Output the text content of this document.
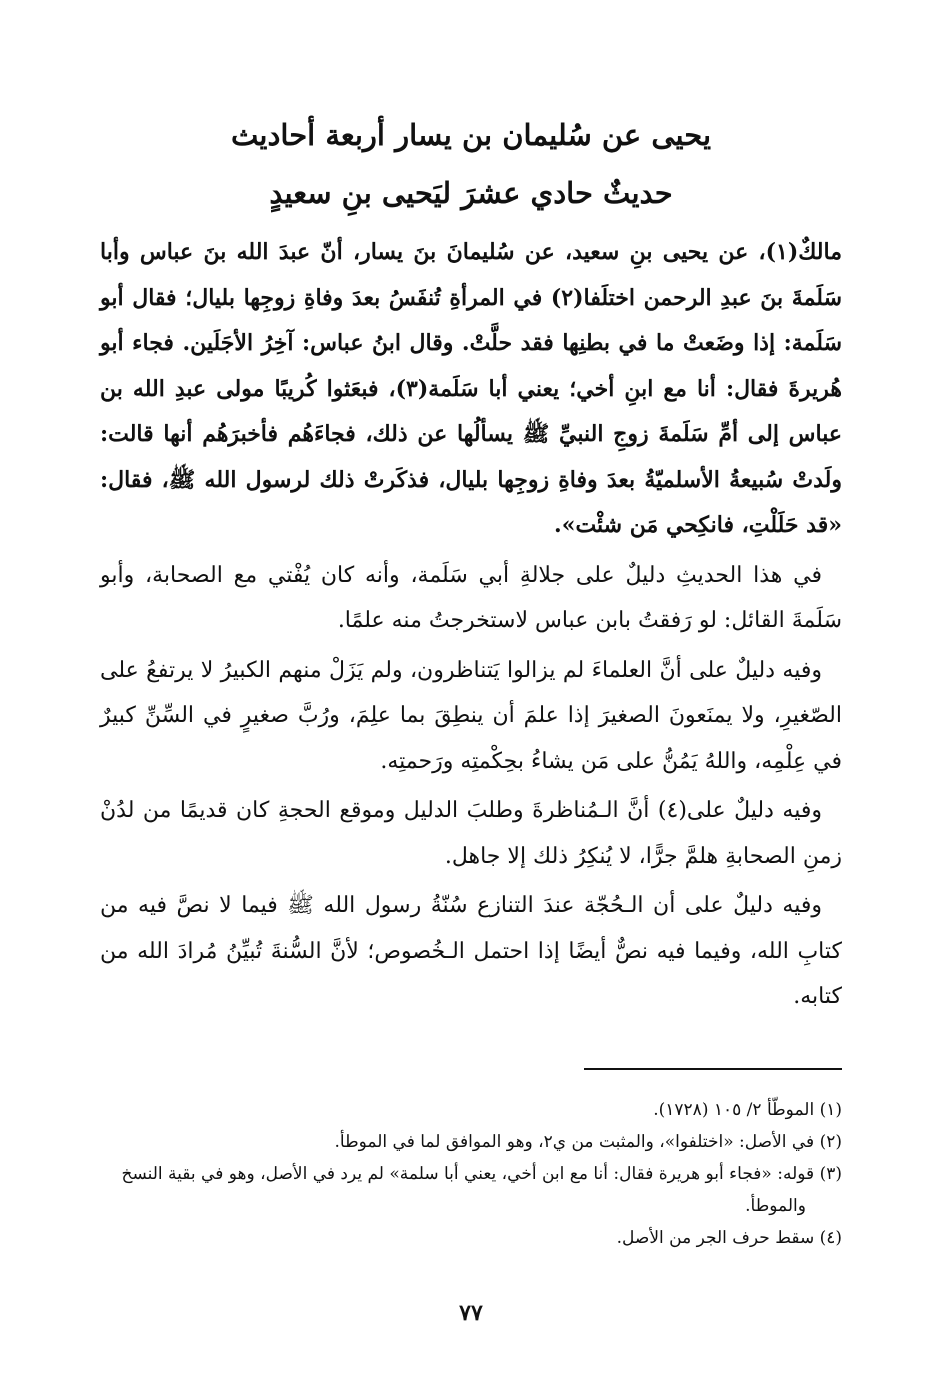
يحيى عن سُليمان بن يسار أربعة أحاديث
حديثٌ حادي عشرَ ليَحيى بنِ سعيدٍ

مالكٌ(١)، عن يحيى بنِ سعيد، عن سُليمانَ بنَ يسار، أنّ عبدَ الله بنَ عباس وأبا سَلَمةَ بنَ عبدِ الرحمن اختلَفا(٢) في المرأةِ تُنفَسُ بعدَ وفاةِ زوجِها بليال؛ فقال أبو سَلَمة: إذا وضَعتْ ما في بطنِها فقد حلَّتْ. وقال ابنُ عباس: آخِرُ الأجَلَين. فجاء أبو هُريرةَ فقال: أنا مع ابنِ أخي؛ يعني أبا سَلَمة(٣)، فبعَثوا كُريبًا مولى عبدِ الله بن عباس إلى أمِّ سَلَمةَ زوجِ النبيِّ ﷺ يسألُها عن ذلك، فجاءَهُم فأخبرَهُم أنها قالت: ولَدتْ سُبيعةُ الأسلميّةُ بعدَ وفاةِ زوجِها بليال، فذكَرتْ ذلك لرسول الله ﷺ، فقال: «قد حَلَلْتِ، فانكِحي مَن شئْت».

في هذا الحديثِ دليلٌ على جلالةِ أبي سَلَمة، وأنه كان يُفْتي مع الصحابة، وأبو سَلَمةَ القائل: لو رَفقتُ بابن عباس لاستخرجتُ منه علمًا.

وفيه دليلٌ على أنَّ العلماءَ لم يزالوا يَتناظرون، ولم يَزَلْ منهم الكبيرُ لا يرتفعُ على الصّغيرِ، ولا يمنَعونَ الصغيرَ إذا علمَ أن ينطِقَ بما علِمَ، ورُبَّ صغيرٍ في السِّنِّ كبيرٌ في عِلْمِه، واللهُ يَمُنُّ على مَن يشاءُ بحِكْمتِه ورَحمتِه.

وفيه دليلٌ على(٤) أنَّ الـمُناظرةَ وطلبَ الدليل وموقع الحجةِ كان قديمًا من لدُنْ زمنِ الصحابةِ هلمَّ جرًّا، لا يُنكِرُ ذلك إلا جاهل.

وفيه دليلٌ على أن الـحُجّة عندَ التنازع سُنّةُ رسول الله ﷺ فيما لا نصَّ فيه من كتابِ الله، وفيما فيه نصٌّ أيضًا إذا احتمل الـخُصوص؛ لأنَّ السُّنةَ تُبيِّنُ مُرادَ الله من كتابه.

(١) الموطّأ ٢/ ١٠٥ (١٧٢٨).

(٢) في الأصل: «اختلفوا»، والمثبت من ي٢، وهو الموافق لما في الموطأ.

(٣) قوله: «فجاء أبو هريرة فقال: أنا مع ابن أخي، يعني أبا سلمة» لم يرد في الأصل، وهو في بقية النسخ والموطأ.

(٤) سقط حرف الجر من الأصل.

٧٧
